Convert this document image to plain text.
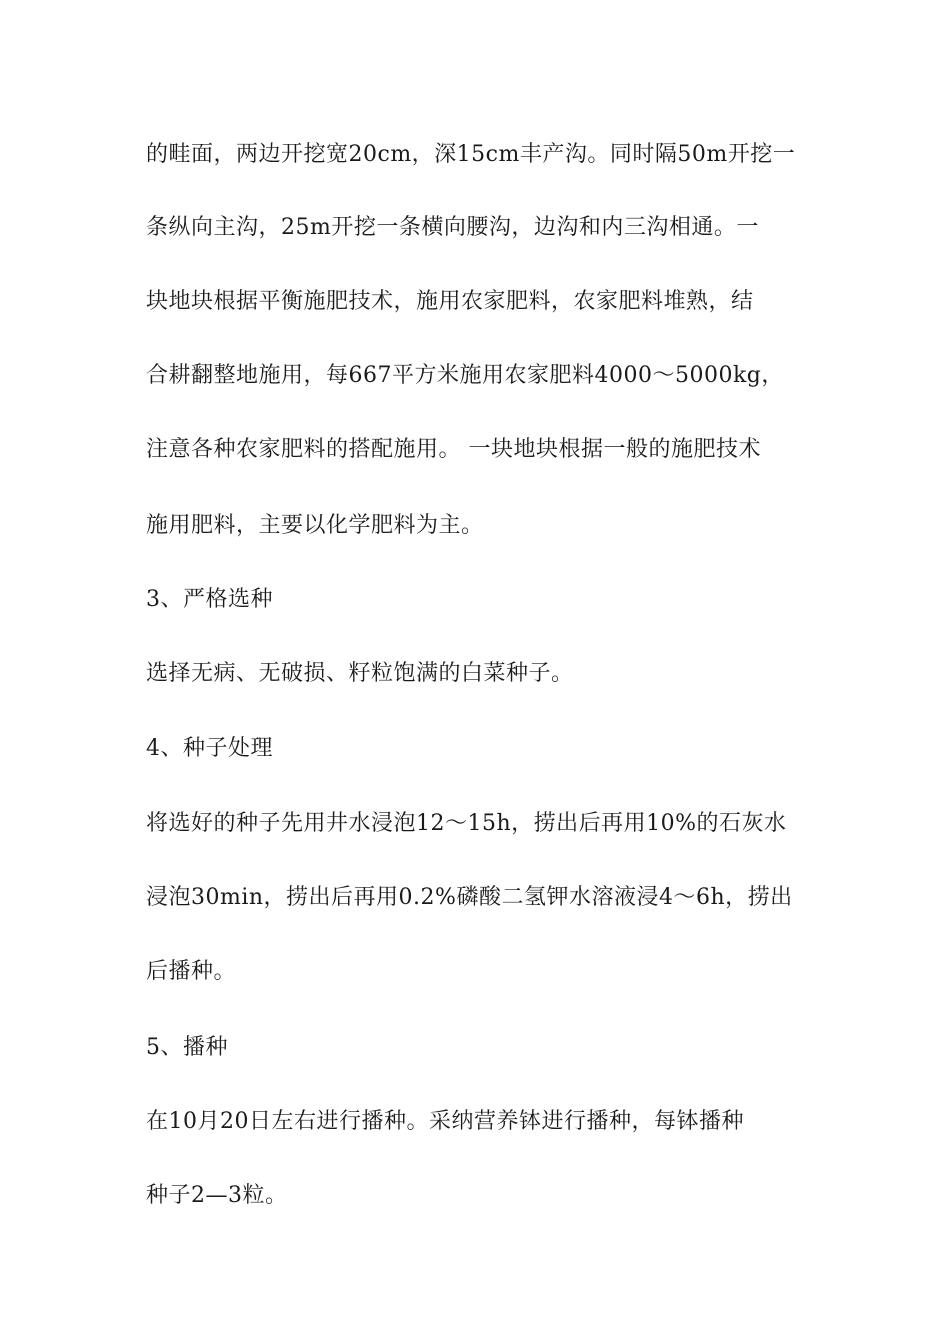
的畦面，两边开挖宽20cm，深15cm丰产沟。同时隔50m开挖一
条纵向主沟，25m开挖一条横向腰沟，边沟和内三沟相通。一
块地块根据平衡施肥技术，施用农家肥料，农家肥料堆熟，结
合耕翻整地施用，每667平方米施用农家肥料4000～5000kg，
注意各种农家肥料的搭配施用。 一块地块根据一般的施肥技术
施用肥料，主要以化学肥料为主。
3、严格选种
选择无病、无破损、籽粒饱满的白菜种子。
4、种子处理
将选好的种子先用井水浸泡12～15h，捞出后再用10%的石灰水
浸泡30min，捞出后再用0.2%磷酸二氢钾水溶液浸4～6h，捞出
后播种。
5、播种
在10月20日左右进行播种。采纳营养钵进行播种，每钵播种
种子2—3粒。
